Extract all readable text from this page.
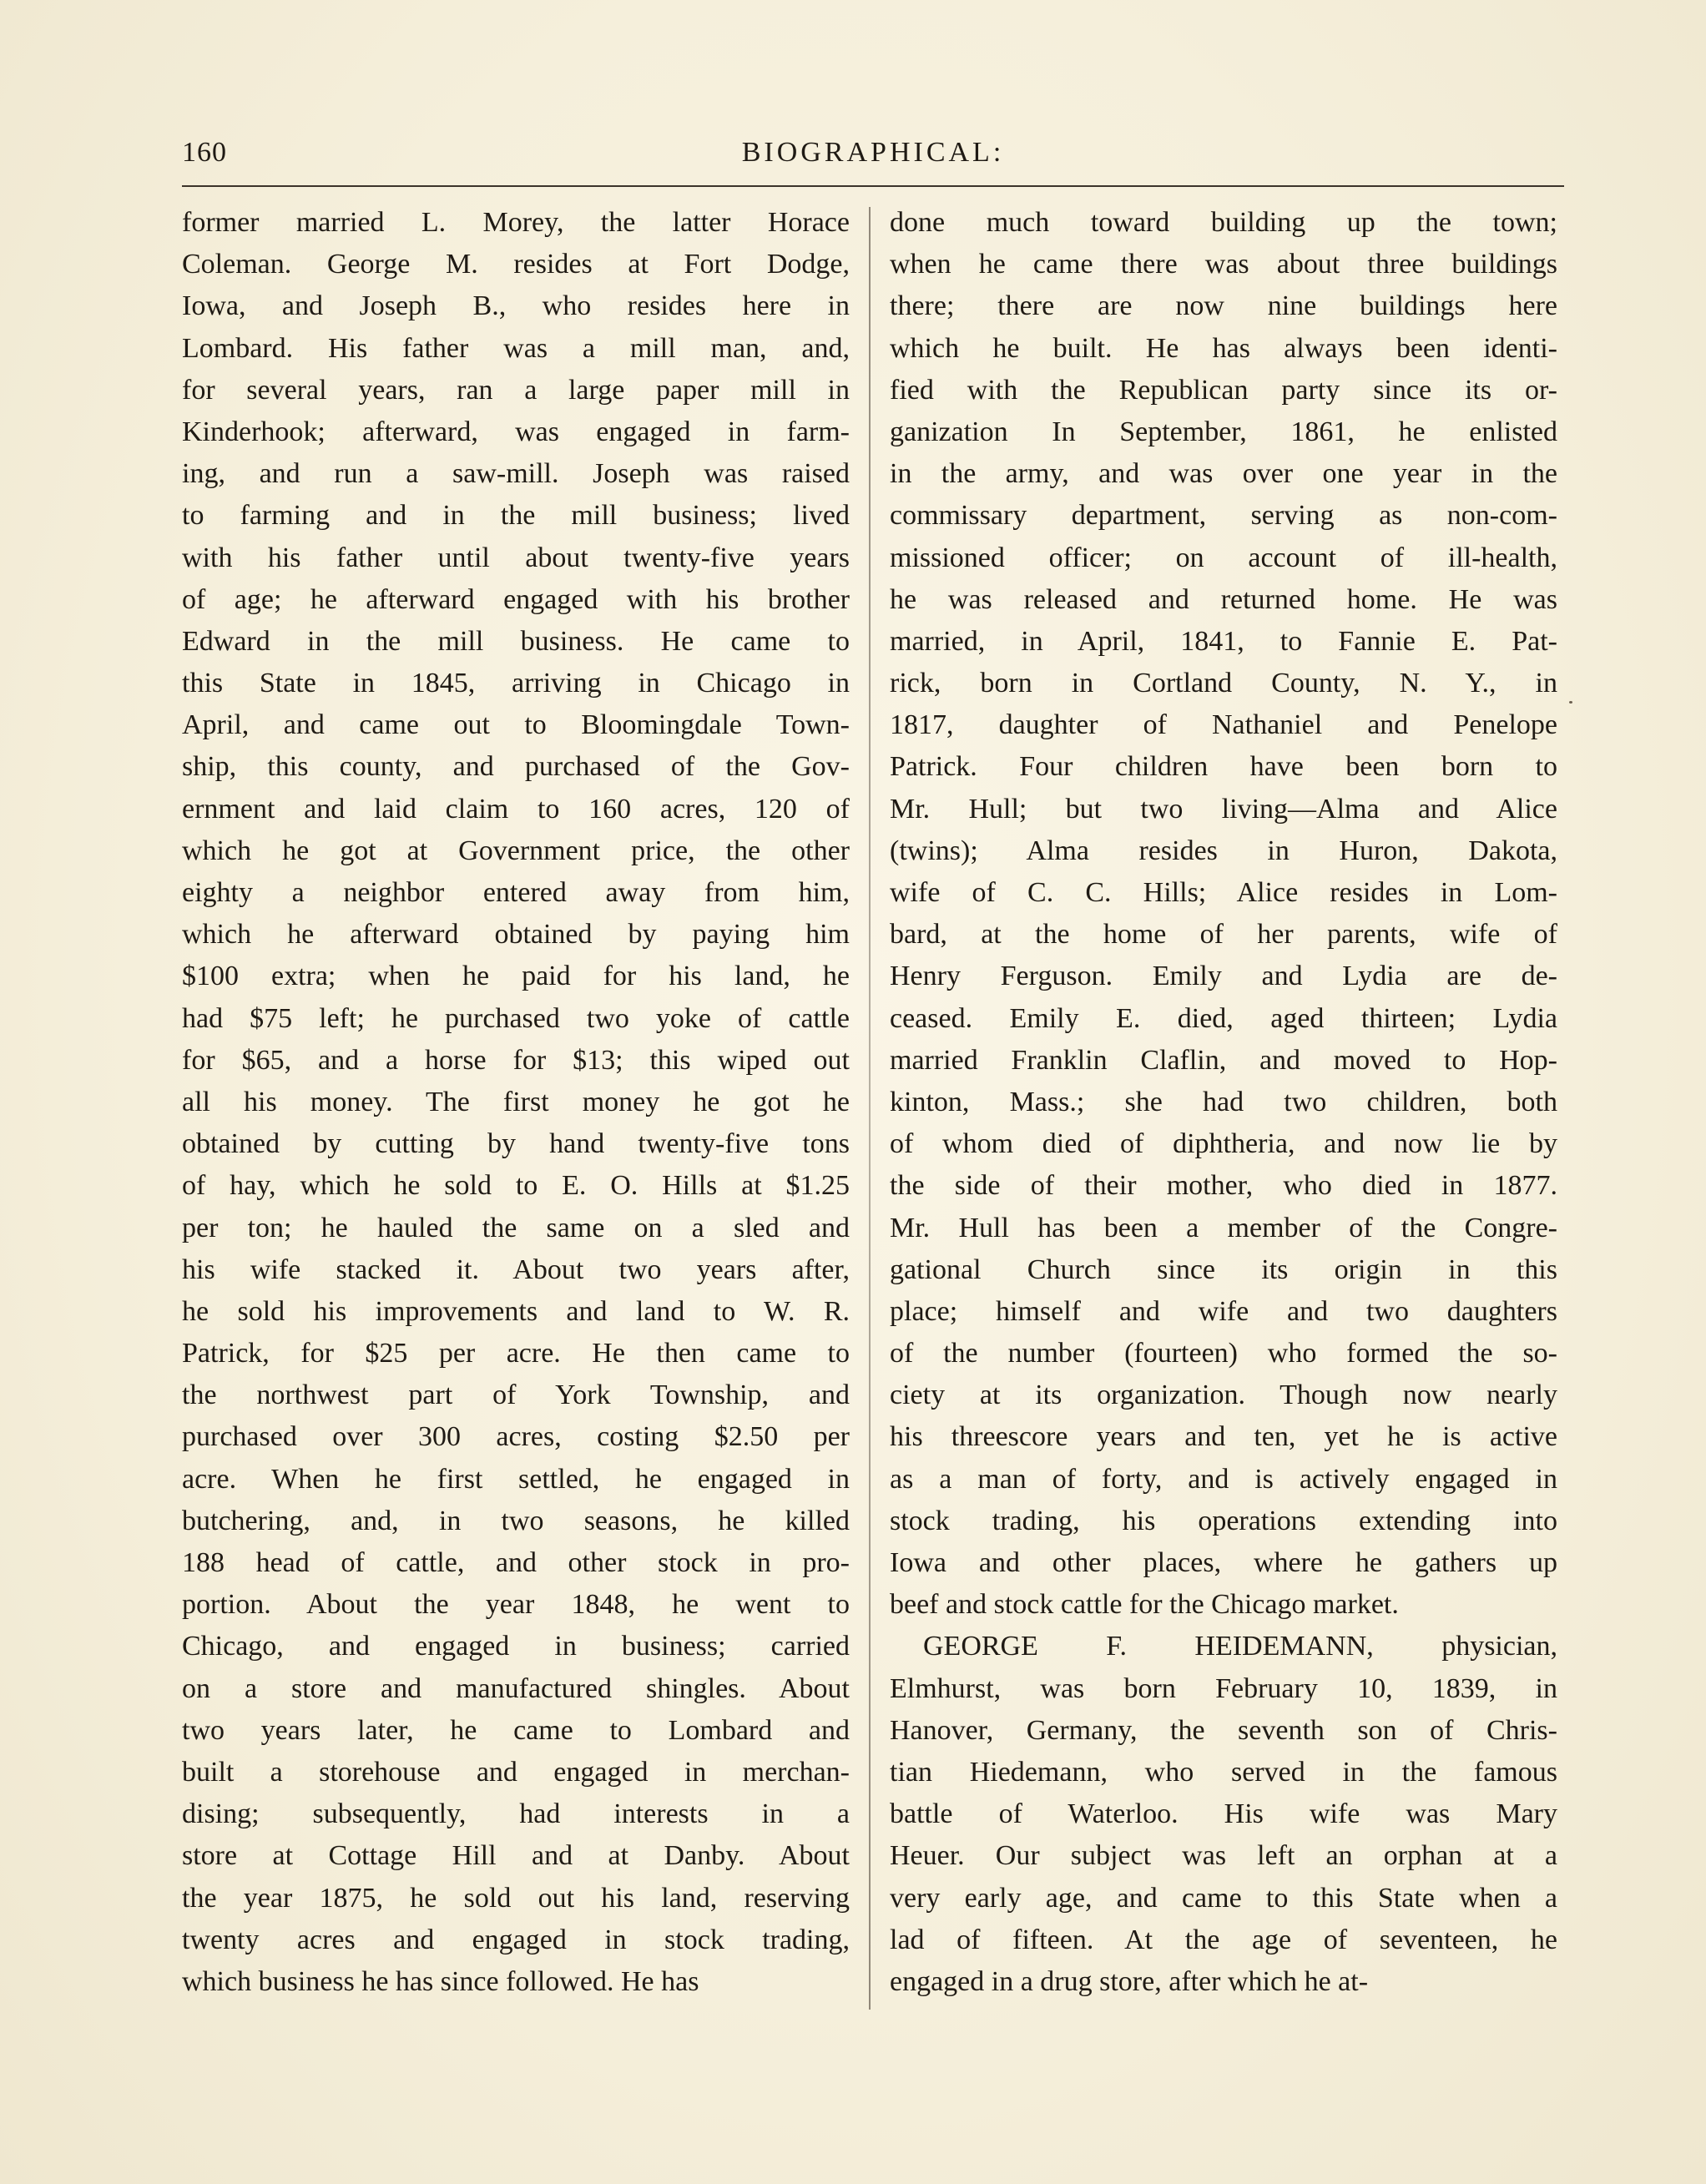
160	BIOGRAPHICAL:
former married L. Morey, the latter Horace
Coleman. George M. resides at Fort Dodge,
Iowa, and Joseph B., who resides here in
Lombard. His father was a mill man, and,
for several years, ran a large paper mill in
Kinderhook; afterward, was engaged in farm-
ing, and run a saw-mill. Joseph was raised
to farming and in the mill business; lived
with his father until about twenty-five years
of age; he afterward engaged with his brother
Edward in the mill business. He came to
this State in 1845, arriving in Chicago in
April, and came out to Bloomingdale Town-
ship, this county, and purchased of the Gov-
ernment and laid claim to 160 acres, 120 of
which he got at Government price, the other
eighty a neighbor entered away from him,
which he afterward obtained by paying him
$100 extra; when he paid for his land, he
had $75 left; he purchased two yoke of cattle
for $65, and a horse for $13; this wiped out
all his money. The first money he got he
obtained by cutting by hand twenty-five tons
of hay, which he sold to E. O. Hills at $1.25
per ton; he hauled the same on a sled and
his wife stacked it. About two years after,
he sold his improvements and land to W. R.
Patrick, for $25 per acre. He then came to
the northwest part of York Township, and
purchased over 300 acres, costing $2.50 per
acre. When he first settled, he engaged in
butchering, and, in two seasons, he killed
188 head of cattle, and other stock in pro-
portion. About the year 1848, he went to
Chicago, and engaged in business; carried
on a store and manufactured shingles. About
two years later, he came to Lombard and
built a storehouse and engaged in merchan-
dising; subsequently, had interests in a
store at Cottage Hill and at Danby. About
the year 1875, he sold out his land, reserving
twenty acres and engaged in stock trading,
which business he has since followed. He has
done much toward building up the town;
when he came there was about three buildings
there; there are now nine buildings here
which he built. He has always been identi-
fied with the Republican party since its or-
ganization In September, 1861, he enlisted
in the army, and was over one year in the
commissary department, serving as non-com-
missioned officer; on account of ill-health,
he was released and returned home. He was
married, in April, 1841, to Fannie E. Pat-
rick, born in Cortland County, N. Y., in
1817, daughter of Nathaniel and Penelope
Patrick. Four children have been born to
Mr. Hull; but two living—Alma and Alice
(twins); Alma resides in Huron, Dakota,
wife of C. C. Hills; Alice resides in Lom-
bard, at the home of her parents, wife of
Henry Ferguson. Emily and Lydia are de-
ceased. Emily E. died, aged thirteen; Lydia
married Franklin Claflin, and moved to Hop-
kinton, Mass.; she had two children, both
of whom died of diphtheria, and now lie by
the side of their mother, who died in 1877.
Mr. Hull has been a member of the Congre-
gational Church since its origin in this
place; himself and wife and two daughters
of the number (fourteen) who formed the so-
ciety at its organization. Though now nearly
his threescore years and ten, yet he is active
as a man of forty, and is actively engaged in
stock trading, his operations extending into
Iowa and other places, where he gathers up
beef and stock cattle for the Chicago market.
GEORGE F. HEIDEMANN, physician,
Elmhurst, was born February 10, 1839, in
Hanover, Germany, the seventh son of Chris-
tian Hiedemann, who served in the famous
battle of Waterloo. His wife was Mary
Heuer. Our subject was left an orphan at a
very early age, and came to this State when a
lad of fifteen. At the age of seventeen, he
engaged in a drug store, after which he at-
